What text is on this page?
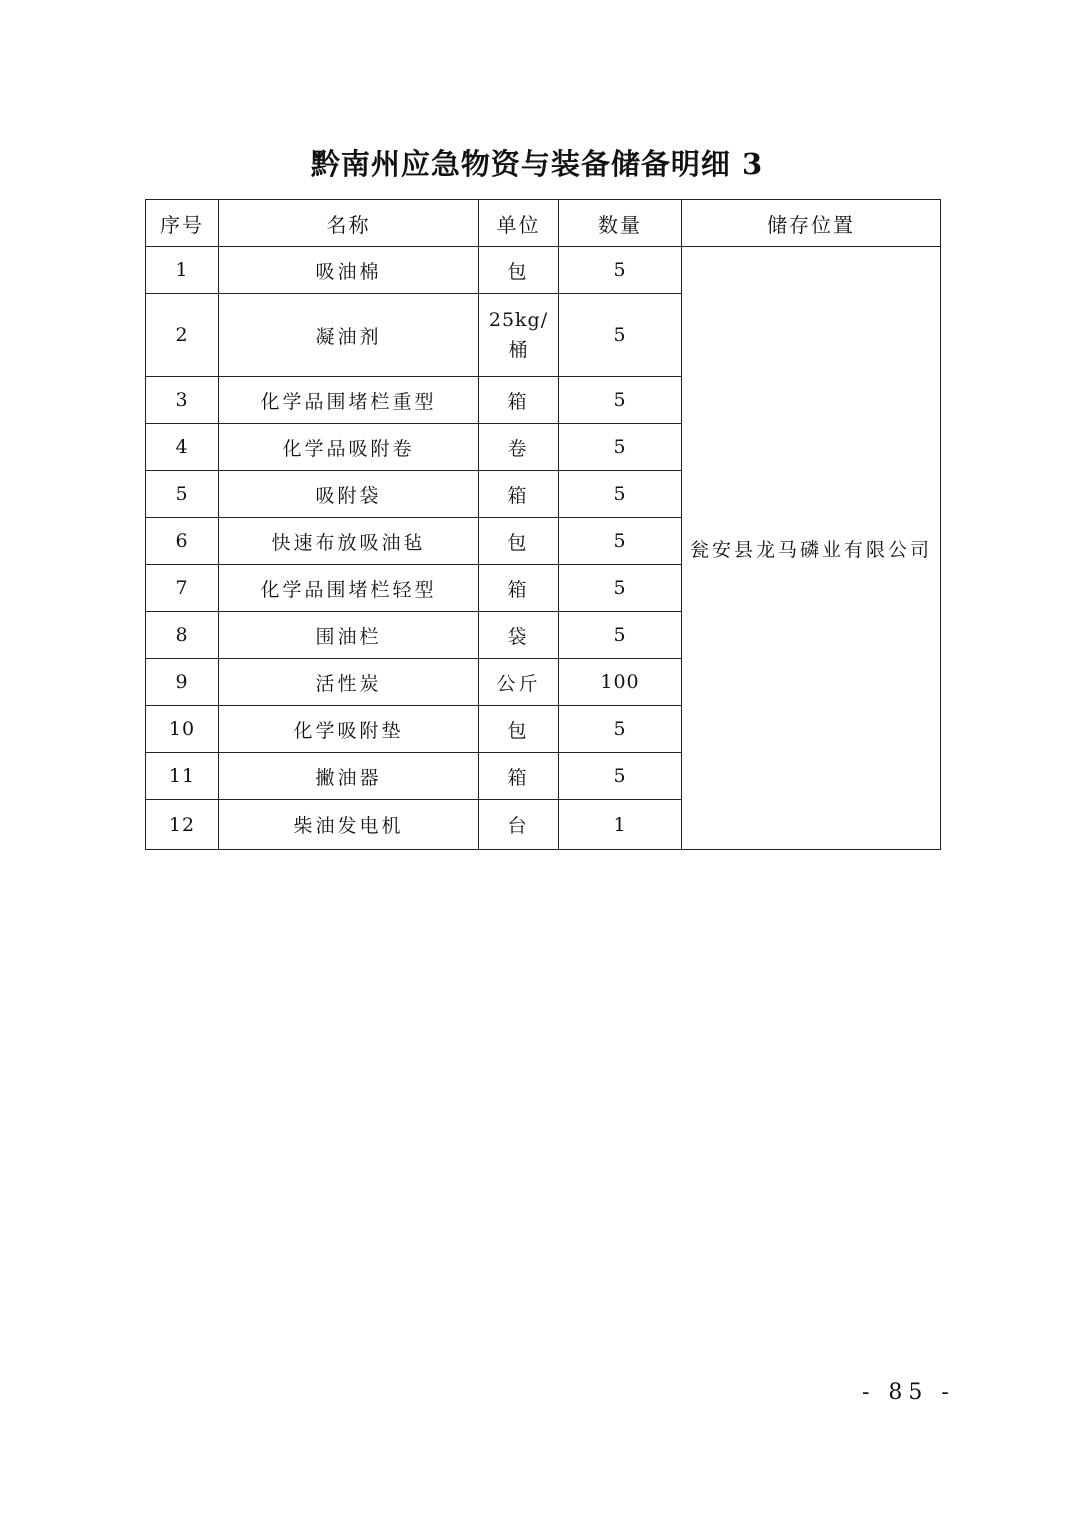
黔南州应急物资与装备储备明细 3
序号	名称	单位	数量	储存位置
1	吸油棉	包	5	瓮安县龙马磷业有限公司
2	凝油剂	25kg/桶	5	
3	化学品围堵栏重型	箱	5	
4	化学品吸附卷	卷	5	
5	吸附袋	箱	5	
6	快速布放吸油毡	包	5	
7	化学品围堵栏轻型	箱	5	
8	围油栏	袋	5	
9	活性炭	公斤	100	
10	化学吸附垫	包	5	
11	撇油器	箱	5	
12	柴油发电机	台	1	
- 85 -
